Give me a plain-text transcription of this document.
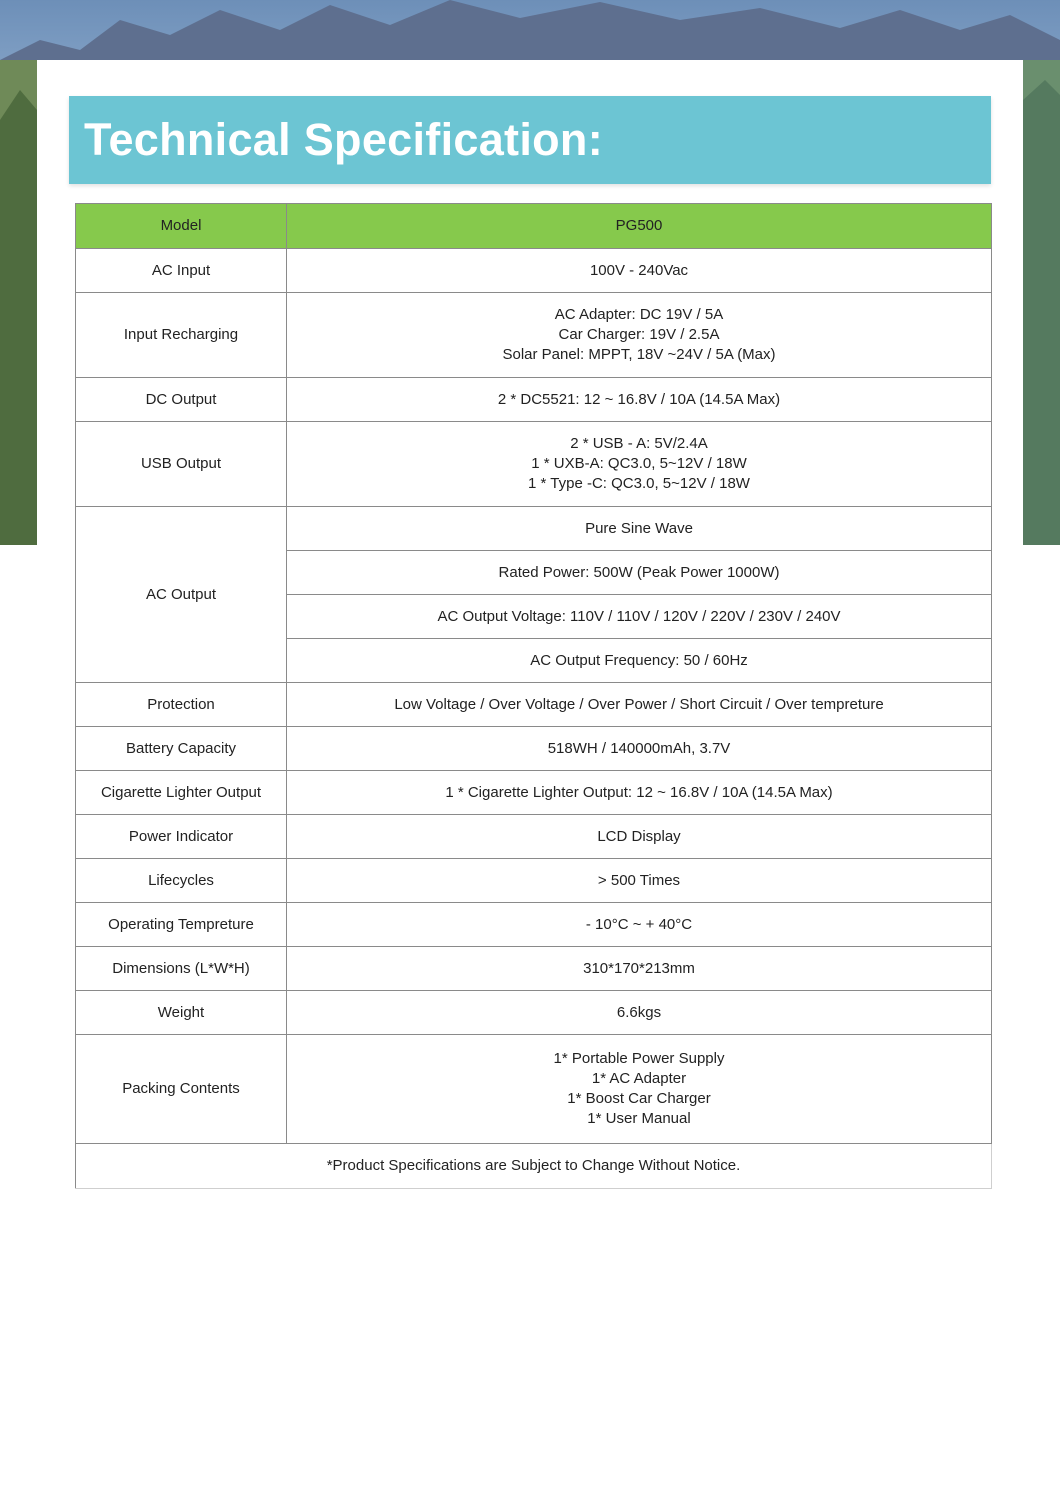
Technical Specification:
Model	PG500
AC Input	100V - 240Vac
Input Recharging	AC Adapter: DC 19V / 5A
Car Charger: 19V / 2.5A
Solar Panel: MPPT, 18V ~24V / 5A (Max)

DC Output	2 * DC5521: 12 ~ 16.8V / 10A (14.5A Max)
USB Output	2 * USB - A: 5V/2.4A
1 * UXB-A: QC3.0, 5~12V / 18W
1 * Type -C: QC3.0, 5~12V / 18W

AC Output	Pure Sine Wave
	Rated Power: 500W (Peak Power 1000W)
	AC Output Voltage: 110V / 110V / 120V / 220V / 230V / 240V
	AC Output Frequency: 50 / 60Hz
Protection	Low Voltage / Over Voltage / Over Power / Short Circuit / Over tempreture
Battery Capacity	518WH / 140000mAh, 3.7V
Cigarette Lighter Output	1 * Cigarette Lighter Output: 12 ~ 16.8V / 10A (14.5A Max)
Power Indicator	LCD Display
Lifecycles	> 500 Times
Operating Tempreture	- 10°C ~ + 40°C
Dimensions (L*W*H)	310*170*213mm
Weight	6.6kgs
Packing Contents	1* Portable Power Supply
1* AC Adapter
1* Boost Car Charger
1* User Manual

*Product Specifications are Subject to Change Without Notice.	
